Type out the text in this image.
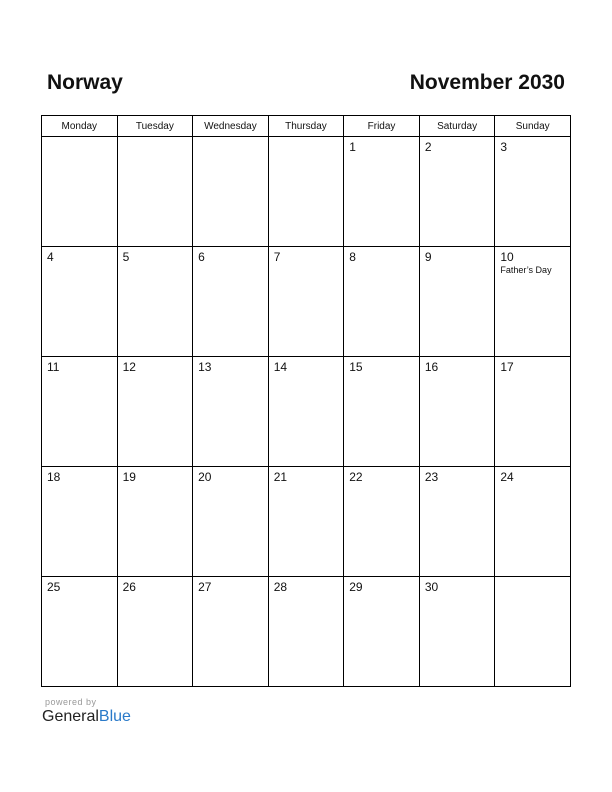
Norway	November 2030
Monday	Tuesday	Wednesday	Thursday	Friday	Saturday	Sunday

				1	2	3

4	5	6	7	8	9	10
Father’s Day

11	12	13	14	15	16	17

18	19	20	21	22	23	24

25	26	27	28	29	30	

powered by
GeneralBlue
